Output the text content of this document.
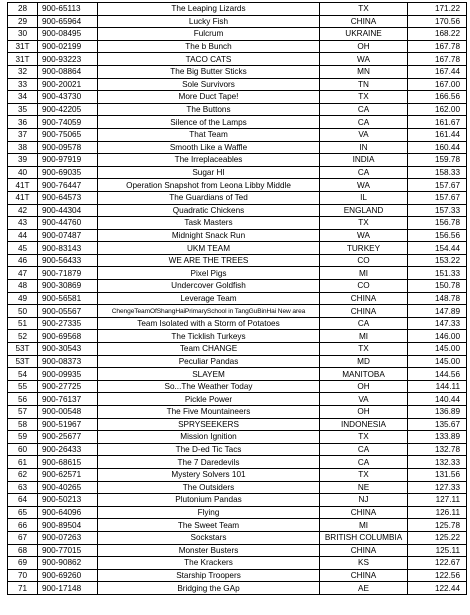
28	900-65113	The Leaping Lizards	TX	171.22
29	900-65964	Lucky Fish	CHINA	170.56
30	900-08495	Fulcrum	UKRAINE	168.22
31T	900-02199	The b Bunch	OH	167.78
31T	900-93223	TACO CATS	WA	167.78
32	900-08864	The Big Butter Sticks	MN	167.44
33	900-20021	Sole Survivors	TN	167.00
34	900-43730	More Duct Tape!	TX	166.56
35	900-42205	The Buttons	CA	162.00
36	900-74059	Silence of the Lamps	CA	161.67
37	900-75065	That Team	VA	161.44
38	900-09578	Smooth Like a Waffle	IN	160.44
39	900-97919	The Irreplaceables	INDIA	159.78
40	900-69035	Sugar HI	CA	158.33
41T	900-76447	Operation Snapshot from Leona Libby Middle	WA	157.67
41T	900-64573	The Guardians of Ted	IL	157.67
42	900-44304	Quadratic Chickens	ENGLAND	157.33
43	900-44760	Task Masters	TX	156.78
44	900-07487	Midnight Snack Run	WA	156.56
45	900-83143	UKM TEAM	TURKEY	154.44
46	900-56433	WE ARE THE TREES	CO	153.22
47	900-71879	Pixel Pigs	MI	151.33
48	900-30869	Undercover Goldfish	CO	150.78
49	900-56581	Leverage Team	CHINA	148.78
50	900-05567	ChengeTeamOfShangHaiPrimarySchool in TangGuBinHai New area	CHINA	147.89
51	900-27335	Team Isolated with a Storm of Potatoes	CA	147.33
52	900-69568	The Ticklish Turkeys	MI	146.00
53T	900-30543	Team CHANGE	TX	145.00
53T	900-08373	Peculiar Pandas	MD	145.00
54	900-09935	SLAYEM	MANITOBA	144.56
55	900-27725	So...The Weather Today	OH	144.11
56	900-76137	Pickle Power	VA	140.44
57	900-00548	The Five Mountaineers	OH	136.89
58	900-51967	SPRYSEEKERS	INDONESIA	135.67
59	900-25677	Mission Ignition	TX	133.89
60	900-26433	The D-ed Tic Tacs	CA	132.78
61	900-68615	The 7 Daredevils	CA	132.33
62	900-62571	Mystery Solvers 101	TX	131.56
63	900-40265	The Outsiders	NE	127.33
64	900-50213	Plutonium Pandas	NJ	127.11
65	900-64096	Flying	CHINA	126.11
66	900-89504	The Sweet Team	MI	125.78
67	900-07263	Sockstars	BRITISH COLUMBIA	125.22
68	900-77015	Monster Busters	CHINA	125.11
69	900-90862	The Krackers	KS	122.67
70	900-69260	Starship Troopers	CHINA	122.56
71	900-17148	Bridging the GAp	AE	122.44
